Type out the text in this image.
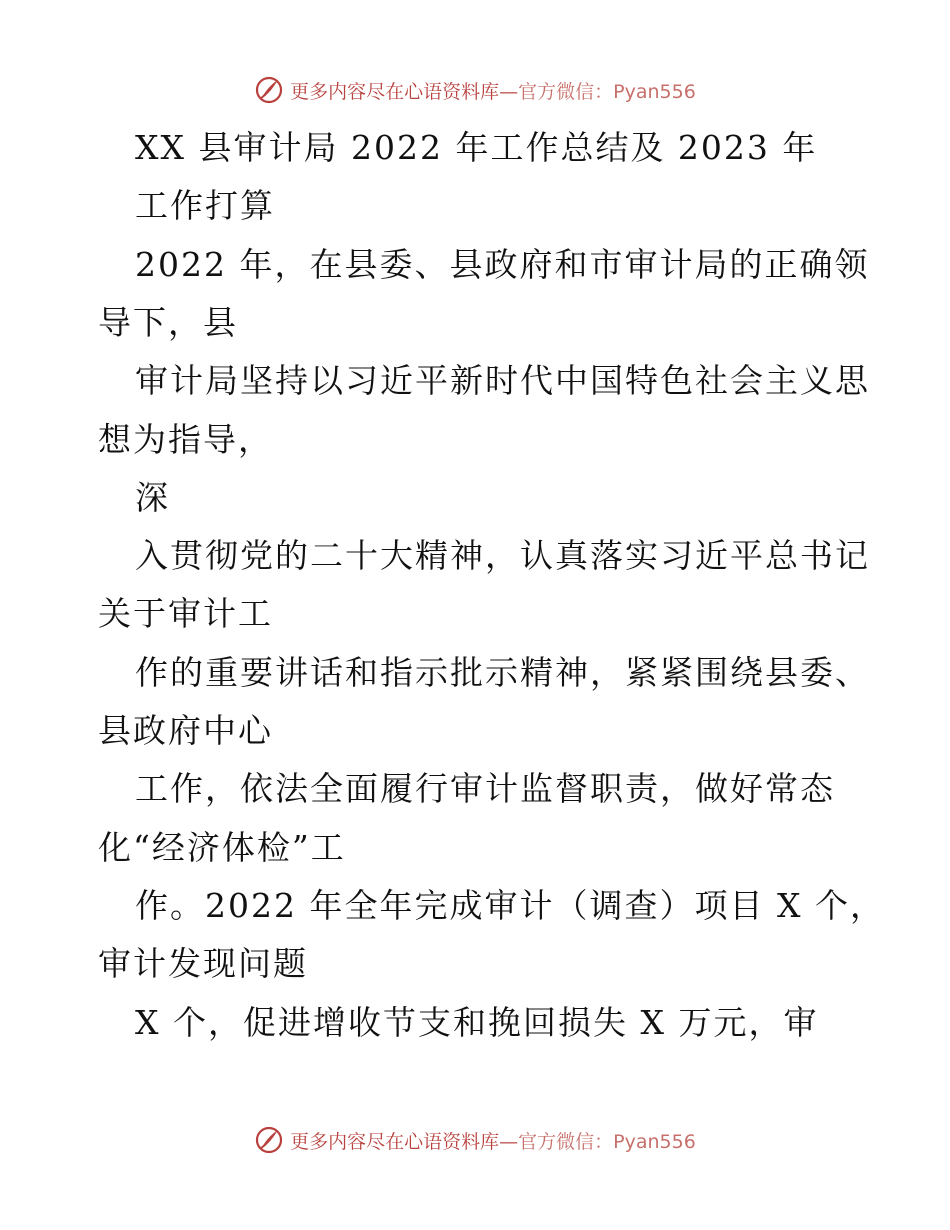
更多内容尽在心语资料库—官方微信：Pyan556
XX 县审计局 2022 年工作总结及 2023 年
工作打算
2022 年，在县委、县政府和市审计局的正确领
导下，县
审计局坚持以习近平新时代中国特色社会主义思
想为指导，
深
入贯彻党的二十大精神，认真落实习近平总书记
关于审计工
作的重要讲话和指示批示精神，紧紧围绕县委、
县政府中心
工作，依法全面履行审计监督职责，做好常态
化“经济体检”工
作。2022 年全年完成审计（调查）项目 X 个，
审计发现问题
X 个，促进增收节支和挽回损失 X 万元，审
更多内容尽在心语资料库—官方微信：Pyan556
